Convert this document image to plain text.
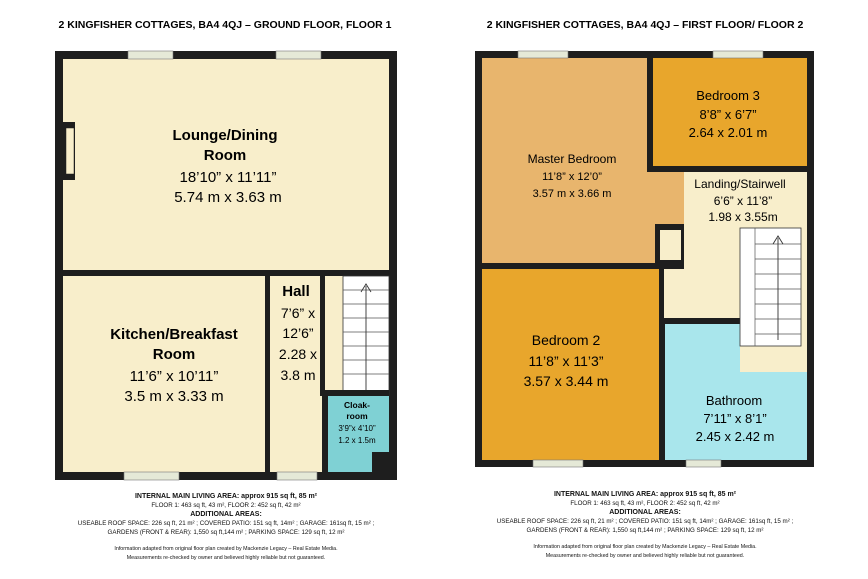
2 KINGFISHER COTTAGES, BA4 4QJ – GROUND FLOOR, FLOOR 1	2 KINGFISHER COTTAGES, BA4 4QJ – FIRST FLOOR/ FLOOR 2
Lounge/Dining
Room
18’10” x 11’11”
5.74 m x 3.63 m
Kitchen/Breakfast
Room
11’6” x 10’11”
3.5 m x 3.33 m
Hall
7’6” x
12’6”
2.28 x
3.8 m
Cloak-
room
3’9”x 4’10”
1.2 x 1.5m
Master Bedroom
11’8” x 12’0”
3.57 m x 3.66 m
Bedroom 3
8’8” x 6’7”
2.64 x 2.01 m
Landing/Stairwell
6’6” x 11’8”
1.98 x 3.55m
Bedroom 2
11’8” x 11’3”
3.57 x 3.44 m
Bathroom
7’11” x 8’1”
2.45 x 2.42 m
INTERNAL MAIN LIVING AREA: approx 915 sq ft, 85 m²
FLOOR 1: 463 sq ft, 43 m², FLOOR 2: 452 sq ft, 42 m²
ADDITIONAL AREAS:
USEABLE ROOF SPACE: 226 sq ft, 21 m² ; COVERED PATIO: 151 sq ft, 14m² ; GARAGE: 161sq ft, 15 m² ;
GARDENS (FRONT & REAR): 1,550 sq ft,144 m² ; PARKING SPACE: 129 sq ft, 12 m²
Information adapted from original floor plan created by Mackenzie Legacy – Real Estate Media.
Measurements re-checked by owner and believed highly reliable but not guaranteed.
INTERNAL MAIN LIVING AREA: approx 915 sq ft, 85 m²
FLOOR 1: 463 sq ft, 43 m², FLOOR 2: 452 sq ft, 42 m²
ADDITIONAL AREAS:
USEABLE ROOF SPACE: 226 sq ft, 21 m² ; COVERED PATIO: 151 sq ft, 14m² ; GARAGE: 161sq ft, 15 m² ;
GARDENS (FRONT & REAR): 1,550 sq ft,144 m² ; PARKING SPACE: 129 sq ft, 12 m²
Information adapted from original floor plan created by Mackenzie Legacy – Real Estate Media.
Measurements re-checked by owner and believed highly reliable but not guaranteed.
